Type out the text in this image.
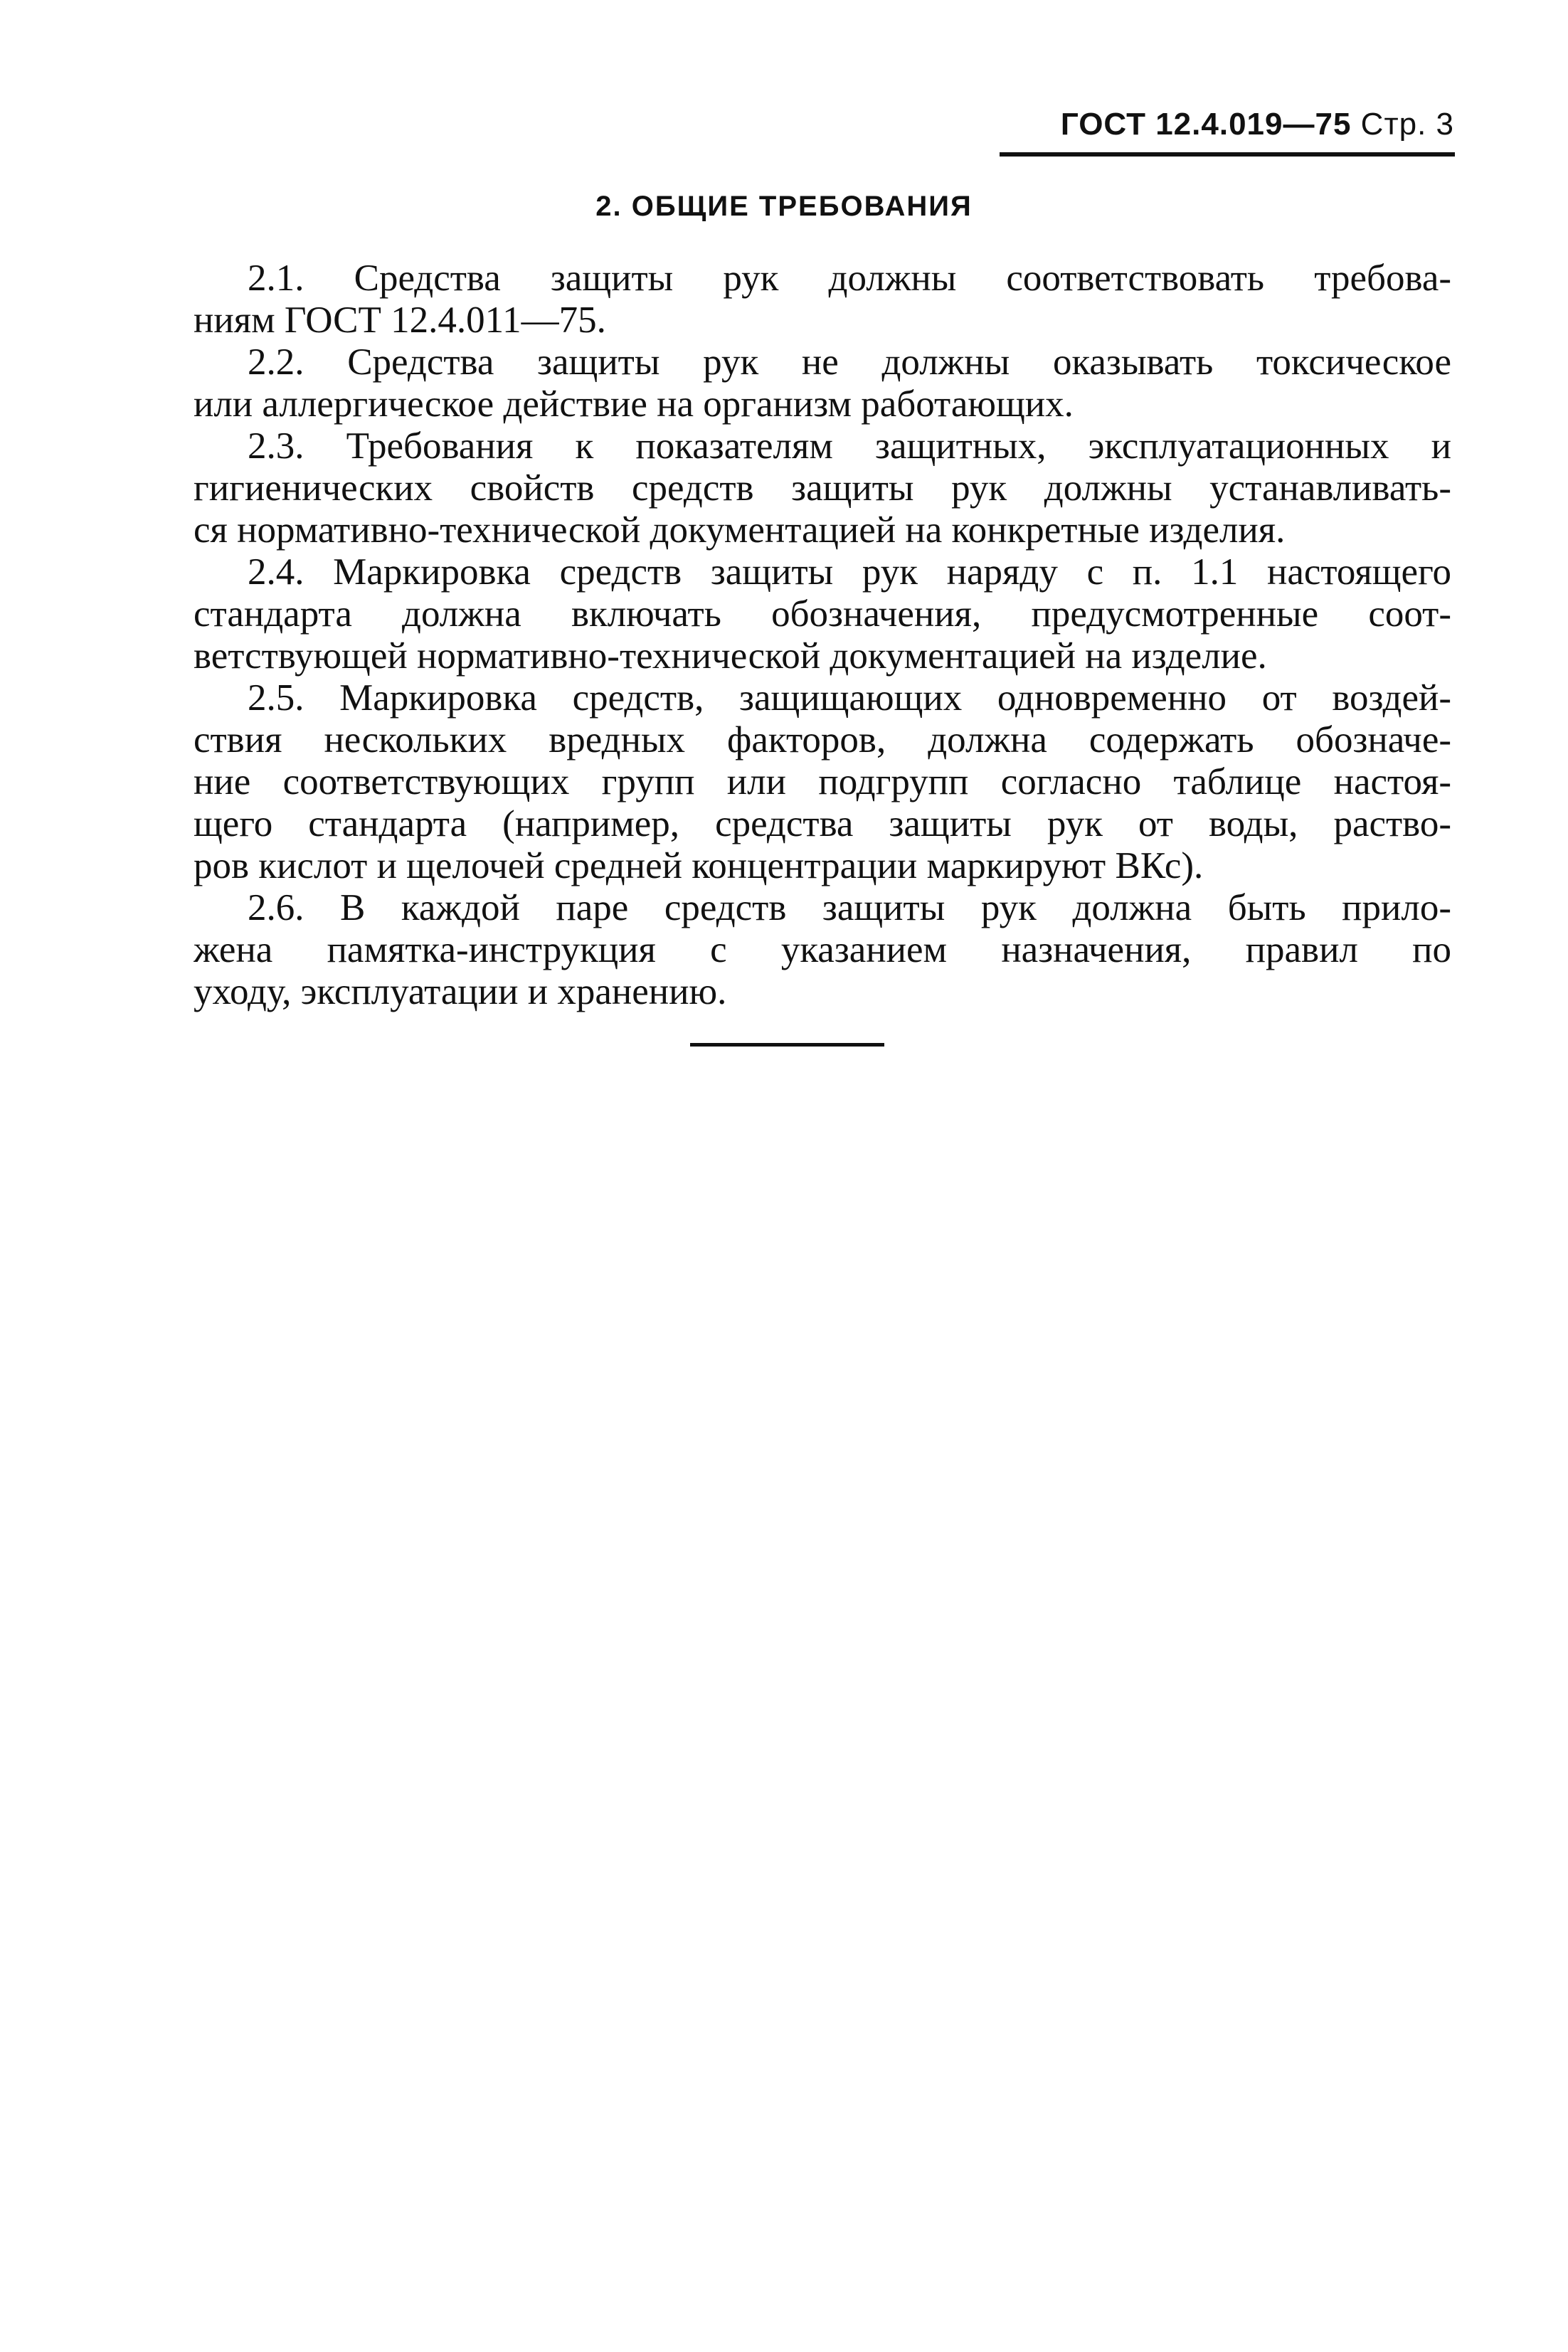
ГОСТ 12.4.019—75 Стр. 3
2. ОБЩИЕ ТРЕБОВАНИЯ
2.1. Средства защиты рук должны соответствовать требова-
ниям ГОСТ 12.4.011—75.
2.2. Средства защиты рук не должны оказывать токсическое
или аллергическое действие на организм работающих.
2.3. Требования к показателям защитных, эксплуатационных и
гигиенических свойств средств защиты рук должны устанавливать-
ся нормативно-технической документацией на конкретные изделия.
2.4. Маркировка средств защиты рук наряду с п. 1.1 настоящего
стандарта должна включать обозначения, предусмотренные соот-
ветствующей нормативно-технической документацией на изделие.
2.5. Маркировка средств, защищающих одновременно от воздей-
ствия нескольких вредных факторов, должна содержать обозначе-
ние соответствующих групп или подгрупп согласно таблице настоя-
щего стандарта (например, средства защиты рук от воды, раство-
ров кислот и щелочей средней концентрации маркируют ВКс).
2.6. В каждой паре средств защиты рук должна быть прило-
жена памятка-инструкция с указанием назначения, правил по
уходу, эксплуатации и хранению.
